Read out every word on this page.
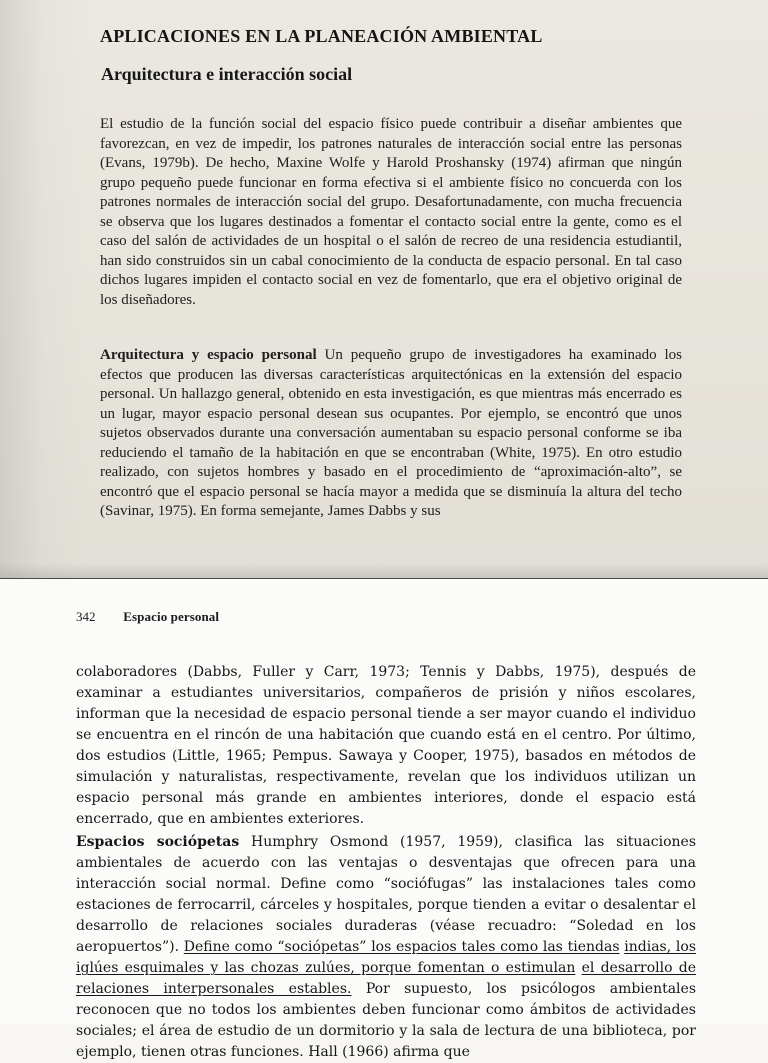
APLICACIONES EN LA PLANEACIÓN AMBIENTAL
Arquitectura e interacción social

El estudio de la función social del espacio físico puede contribuir a diseñar ambientes que favorezcan, en vez de impedir, los patrones naturales de interacción social entre las personas (Evans, 1979b). De hecho, Maxine Wolfe y Harold Proshansky (1974) afirman que ningún grupo pequeño puede funcionar en forma efectiva si el ambiente físico no concuerda con los patrones normales de interacción social del grupo. Desafortunadamente, con mucha frecuencia se observa que los lugares destinados a fomentar el contacto social entre la gente, como es el caso del salón de actividades de un hospital o el salón de recreo de una residencia estudiantil, han sido construidos sin un cabal conocimiento de la conducta de espacio personal. En tal caso dichos lugares impiden el contacto social en vez de fomentarlo, que era el objetivo original de los diseñadores.

Arquitectura y espacio personal Un pequeño grupo de investigadores ha examinado los efectos que producen las diversas características arquitectónicas en la extensión del espacio personal. Un hallazgo general, obtenido en esta investigación, es que mientras más encerrado es un lugar, mayor espacio personal desean sus ocupantes. Por ejemplo, se encontró que unos sujetos observados durante una conversación aumentaban su espacio personal conforme se iba reduciendo el tamaño de la habitación en que se encontraban (White, 1975). En otro estudio realizado, con sujetos hombres y basado en el procedimiento de “aproximación-alto”, se encontró que el espacio personal se hacía mayor a medida que se disminuía la altura del techo (Savinar, 1975). En forma semejante, James Dabbs y sus

342 Espacio personal

colaboradores (Dabbs, Fuller y Carr, 1973; Tennis y Dabbs, 1975), después de examinar a estudiantes universitarios, compañeros de prisión y niños escolares, informan que la necesidad de espacio personal tiende a ser mayor cuando el individuo se encuentra en el rincón de una habitación que cuando está en el centro. Por último, dos estudios (Little, 1965; Pempus. Sawaya y Cooper, 1975), basados en métodos de simulación y naturalistas, respectivamente, revelan que los individuos utilizan un espacio personal más grande en ambientes interiores, donde el espacio está encerrado, que en ambientes exteriores.

Espacios sociópetas Humphry Osmond (1957, 1959), clasifica las situaciones ambientales de acuerdo con las ventajas o desventajas que ofrecen para una interacción social normal. Define como “sociófugas” las instalaciones tales como estaciones de ferrocarril, cárceles y hospitales, porque tienden a evitar o desalentar el desarrollo de relaciones sociales duraderas (véase recuadro: “Soledad en los aeropuertos”). Define como “sociópetas” los espacios tales como las tiendas indias, los iglúes esquimales y las chozas zulúes, porque fomentan o estimulan el desarrollo de relaciones interpersonales estables. Por supuesto, los psicólogos ambientales reconocen que no todos los ambientes deben funcionar como ámbitos de actividades sociales; el área de estudio de un dormitorio y la sala de lectura de una biblioteca, por ejemplo, tienen otras funciones. Hall (1966) afirma que
